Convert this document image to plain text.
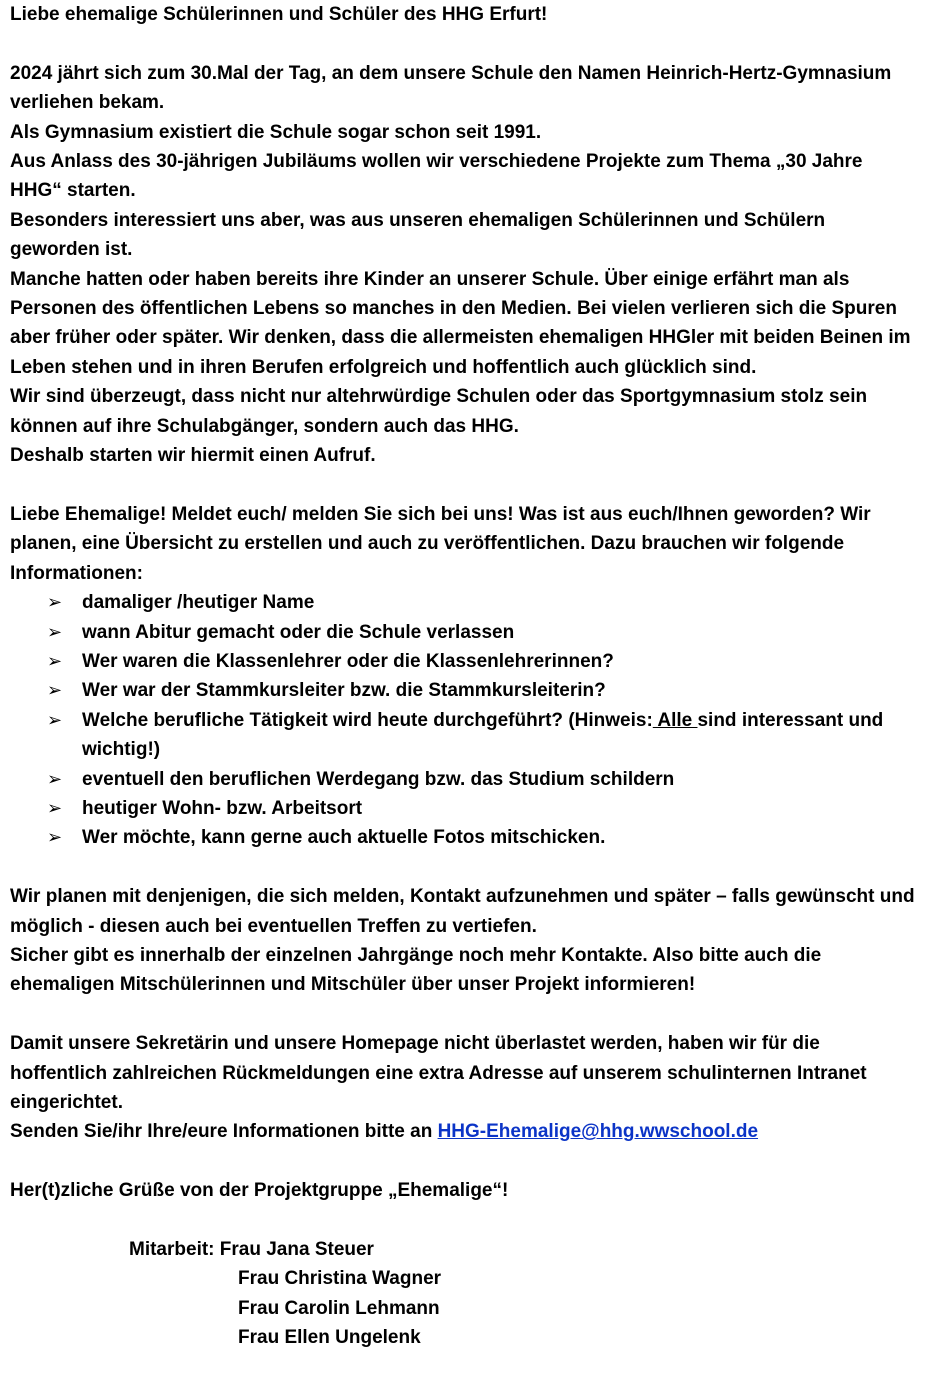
Liebe ehemalige Schülerinnen und Schüler des HHG Erfurt!

2024 jährt sich zum 30.Mal der Tag, an dem unsere Schule den Namen Heinrich-Hertz-Gymnasium verliehen bekam.

Als Gymnasium existiert die Schule sogar schon seit 1991.

Aus Anlass des 30-jährigen Jubiläums wollen wir verschiedene Projekte zum Thema „30 Jahre HHG“ starten.

Besonders interessiert uns aber, was aus unseren ehemaligen Schülerinnen und Schülern geworden ist.

Manche hatten oder haben bereits ihre Kinder an unserer Schule. Über einige erfährt man als Personen des öffentlichen Lebens so manches in den Medien. Bei vielen verlieren sich die Spuren aber früher oder später. Wir denken, dass die allermeisten ehemaligen HHGler mit beiden Beinen im Leben stehen und in ihren Berufen erfolgreich und hoffentlich auch glücklich sind.

Wir sind überzeugt, dass nicht nur altehrwürdige Schulen oder das Sportgymnasium stolz sein können auf ihre Schulabgänger, sondern auch das HHG.

Deshalb starten wir hiermit einen Aufruf.

Liebe Ehemalige! Meldet euch/ melden Sie sich bei uns! Was ist aus euch/Ihnen geworden? Wir planen, eine Übersicht zu erstellen und auch zu veröffentlichen. Dazu brauchen wir folgende Informationen:

➢ damaliger /heutiger Name
➢ wann Abitur gemacht oder die Schule verlassen
➢ Wer waren die Klassenlehrer oder die Klassenlehrerinnen?
➢ Wer war der Stammkursleiter bzw. die Stammkursleiterin?
➢ Welche berufliche Tätigkeit wird heute durchgeführt? (Hinweis: Alle sind interessant und wichtig!)
➢ eventuell den beruflichen Werdegang bzw. das Studium schildern
➢ heutiger Wohn- bzw. Arbeitsort
➢ Wer möchte, kann gerne auch aktuelle Fotos mitschicken.

Wir planen mit denjenigen, die sich melden, Kontakt aufzunehmen und später – falls gewünscht und möglich - diesen auch bei eventuellen Treffen zu vertiefen.

Sicher gibt es innerhalb der einzelnen Jahrgänge noch mehr Kontakte. Also bitte auch die ehemaligen Mitschülerinnen und Mitschüler über unser Projekt informieren!

Damit unsere Sekretärin und unsere Homepage nicht überlastet werden, haben wir für die hoffentlich zahlreichen Rückmeldungen eine extra Adresse auf unserem schulinternen Intranet eingerichtet.

Senden Sie/ihr Ihre/eure Informationen bitte an HHG-Ehemalige@hhg.wwschool.de

Her(t)zliche Grüße von der Projektgruppe „Ehemalige“!

Mitarbeit: Frau Jana Steuer

Frau Christina Wagner

Frau Carolin Lehmann

Frau Ellen Ungelenk
